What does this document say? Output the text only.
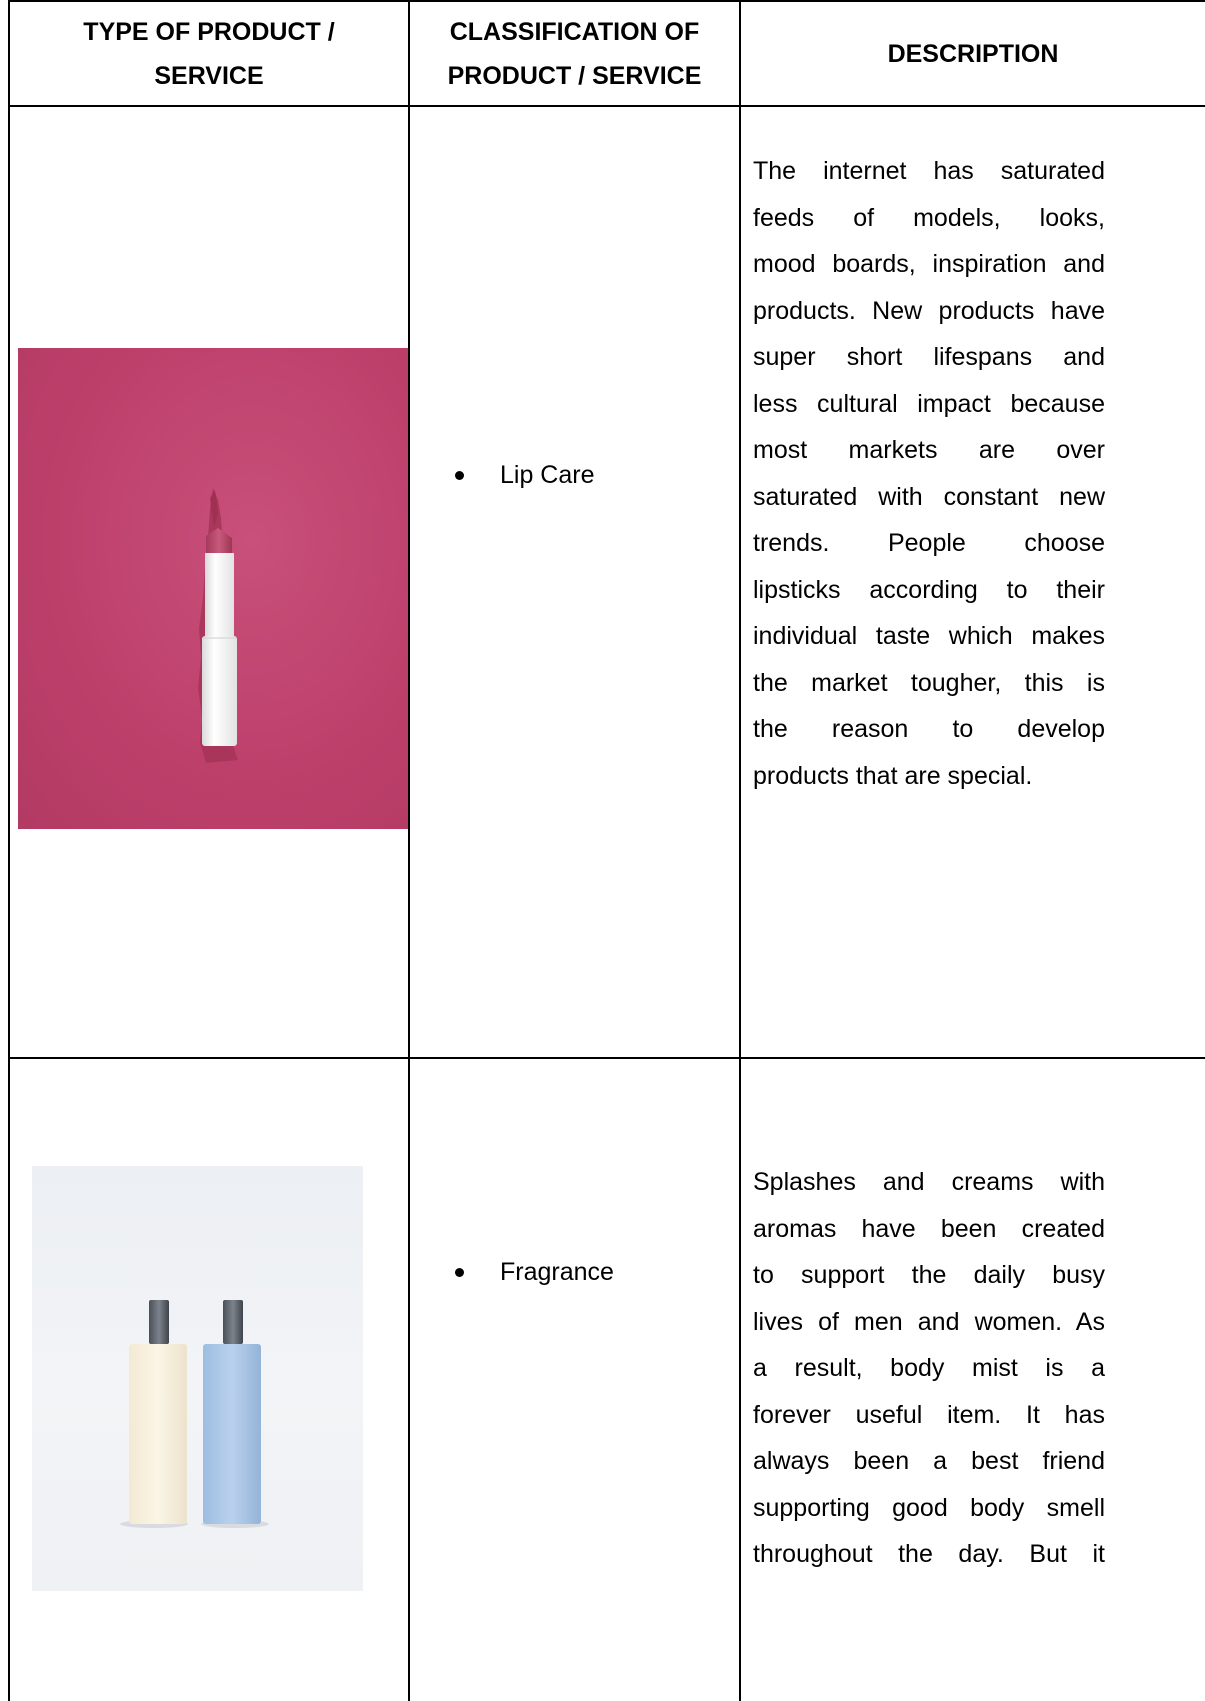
TYPE OF PRODUCT /
SERVICE
CLASSIFICATION OF
PRODUCT / SERVICE
DESCRIPTION
Lip Care
The internet has saturated
feeds of models, looks,
mood boards, inspiration and
products. New products have
super short lifespans and
less cultural impact because
most markets are over
saturated with constant new
trends. People choose
lipsticks according to their
individual taste which makes
the market tougher, this is
the reason to develop
products that are special.
Fragrance
Splashes and creams with
aromas have been created
to support the daily busy
lives of men and women. As
a result, body mist is a
forever useful item. It has
always been a best friend
supporting good body smell
throughout the day. But it
